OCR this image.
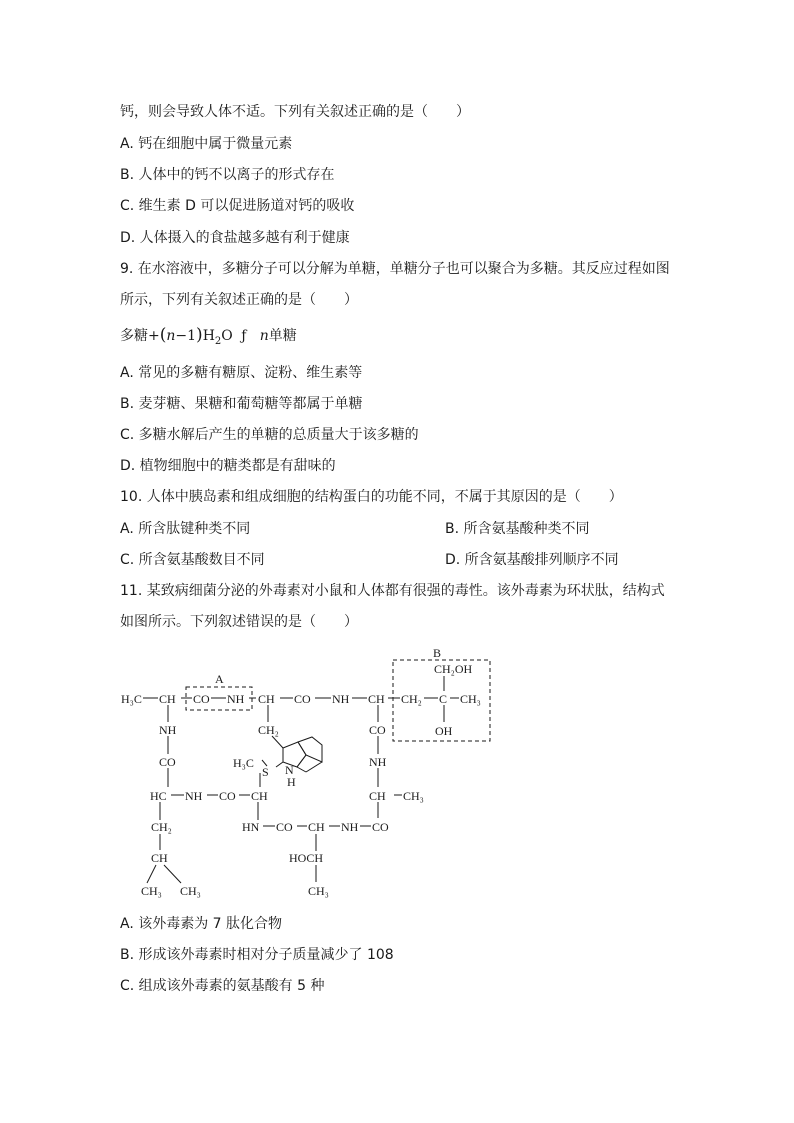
钙，则会导致人体不适。下列有关叙述正确的是（　　）
A. 钙在细胞中属于微量元素
B. 人体中的钙不以离子的形式存在
C. 维生素 D 可以促进肠道对钙的吸收
D. 人体摄入的食盐越多越有利于健康
9. 在水溶液中，多糖分子可以分解为单糖，单糖分子也可以聚合为多糖。其反应过程如图
所示，下列有关叙述正确的是（　　）
多糖$+(n-1)H_2O$ ƒ n单糖
A. 常见的多糖有糖原、淀粉、维生素等
B. 麦芽糖、果糖和葡萄糖等都属于单糖
C. 多糖水解后产生的单糖的总质量大于该多糖的
D. 植物细胞中的糖类都是有甜味的
10. 人体中胰岛素和组成细胞的结构蛋白的功能不同，不属于其原因的是（　　）
A. 所含肽键种类不同	B. 所含氨基酸种类不同
C. 所含氨基酸数目不同	D. 所含氨基酸排列顺序不同
11. 某致病细菌分泌的外毒素对小鼠和人体都有很强的毒性。该外毒素为环状肽，结构式
如图所示。下列叙述错误的是（　　）
A
B
H₃C CH CO NH CH CO NH CH CH₂ C CH₃
CH₂OH
OH
NH
CO
HC NH CO CH
CH₂
H₃C
S N
H
CH₂
CH
CH₃ CH₃
CO
NH
CH CH₃
HN CO CH NH CO
HOCH
CH₃
A. 该外毒素为 7 肽化合物
B. 形成该外毒素时相对分子质量减少了 108
C. 组成该外毒素的氨基酸有 5 种
